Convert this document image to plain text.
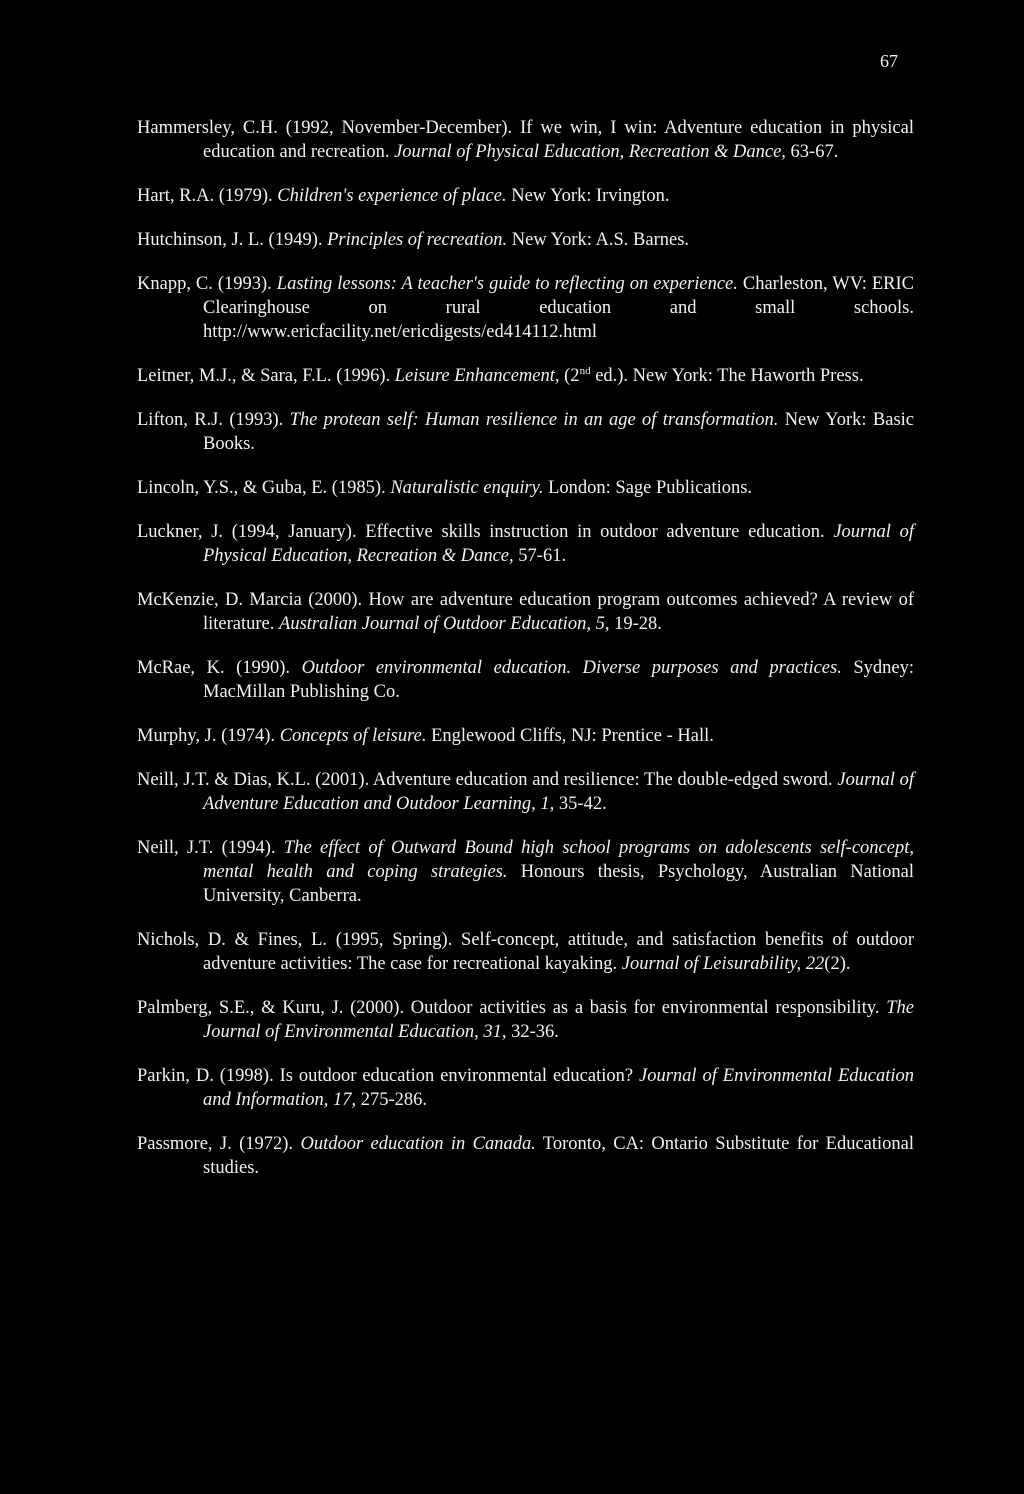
67

Hammersley, C.H. (1992, November-December). If we win, I win: Adventure education in physical education and recreation. Journal of Physical Education, Recreation & Dance, 63-67.

Hart, R.A. (1979). Children's experience of place. New York: Irvington.

Hutchinson, J. L. (1949). Principles of recreation. New York: A.S. Barnes.

Knapp, C. (1993). Lasting lessons: A teacher's guide to reflecting on experience. Charleston, WV: ERIC Clearinghouse on rural education and small schools. http://www.ericfacility.net/ericdigests/ed414112.html

Leitner, M.J., & Sara, F.L. (1996). Leisure Enhancement, (2nd ed.). New York: The Haworth Press.

Lifton, R.J. (1993). The protean self: Human resilience in an age of transformation. New York: Basic Books.

Lincoln, Y.S., & Guba, E. (1985). Naturalistic enquiry. London: Sage Publications.

Luckner, J. (1994, January). Effective skills instruction in outdoor adventure education. Journal of Physical Education, Recreation & Dance, 57-61.

McKenzie, D. Marcia (2000). How are adventure education program outcomes achieved? A review of literature. Australian Journal of Outdoor Education, 5, 19-28.

McRae, K. (1990). Outdoor environmental education. Diverse purposes and practices. Sydney: MacMillan Publishing Co.

Murphy, J. (1974). Concepts of leisure. Englewood Cliffs, NJ: Prentice - Hall.

Neill, J.T. & Dias, K.L. (2001). Adventure education and resilience: The double-edged sword. Journal of Adventure Education and Outdoor Learning, 1, 35-42.

Neill, J.T. (1994). The effect of Outward Bound high school programs on adolescents self-concept, mental health and coping strategies. Honours thesis, Psychology, Australian National University, Canberra.

Nichols, D. & Fines, L. (1995, Spring). Self-concept, attitude, and satisfaction benefits of outdoor adventure activities: The case for recreational kayaking. Journal of Leisurability, 22(2).

Palmberg, S.E., & Kuru, J. (2000). Outdoor activities as a basis for environmental responsibility. The Journal of Environmental Education, 31, 32-36.

Parkin, D. (1998). Is outdoor education environmental education? Journal of Environmental Education and Information, 17, 275-286.

Passmore, J. (1972). Outdoor education in Canada. Toronto, CA: Ontario Substitute for Educational studies.
